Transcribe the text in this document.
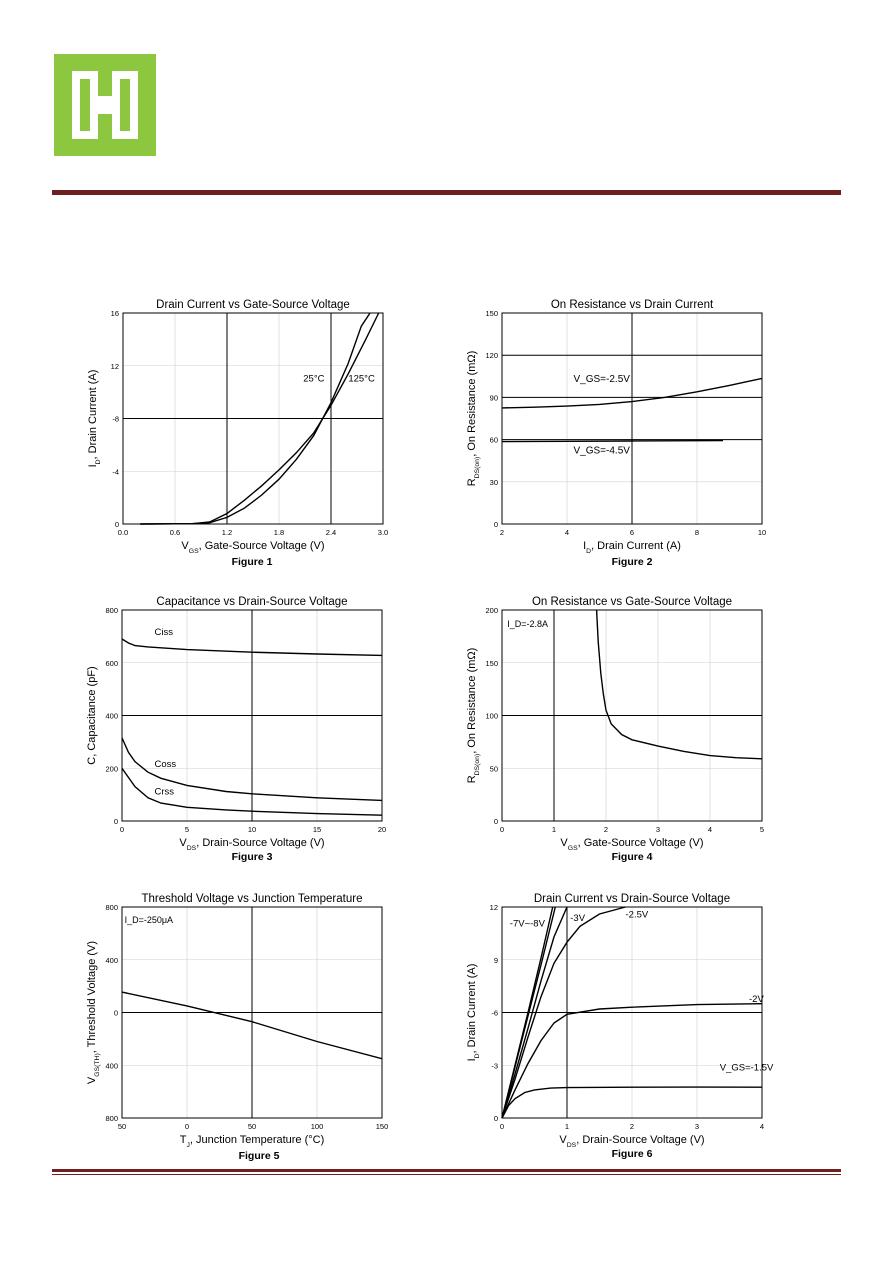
0.0	0.6	1.2	1.8	2.4	3.0
0
-4
-8
12
16
Drain Current vs Gate-Source Voltage
$V_{GS}$, Gate-Source Voltage (V)
$I_D$, Drain Current (A)	25°C	125°C
2	4	6	8	10
0
30
60
90
120
150
On Resistance vs Drain Current
$I_D$, Drain Current (A)
$R_{DS(on)}$, On Resistance (mΩ)	V_GS=-2.5V
V_GS=-4.5V
0	5	10	15	20
0
200
400
600
800
Capacitance vs Drain-Source Voltage
$V_{DS}$, Drain-Source Voltage (V)
C, Capacitance (pF)
Ciss
Coss
Crss
0	1	2	3	4	5
0
50
100
150
200
On Resistance vs Gate-Source Voltage
$V_{GS}$, Gate-Source Voltage (V)
$R_{DS(on)}$, On Resistance (mΩ)
I_D=-2.8A
50	0	50	100	150
800
400
0
400
800
Threshold Voltage vs Junction Temperature
$T_J$, Junction Temperature (°C)
$V_{GS(TH)}$, Threshold Voltage (V)
I_D=-250μA
0	1	2	3	4
0
-3
-6
9
12
Drain Current vs Drain-Source Voltage
$V_{DS}$, Drain-Source Voltage (V)
$I_D$, Drain Current (A)
-7V~-8V	-3V	-2.5V
-2V
V_GS=-1.5V
Figure 1	Figure 2
Figure 3	Figure 4
Figure 5	Figure 6
